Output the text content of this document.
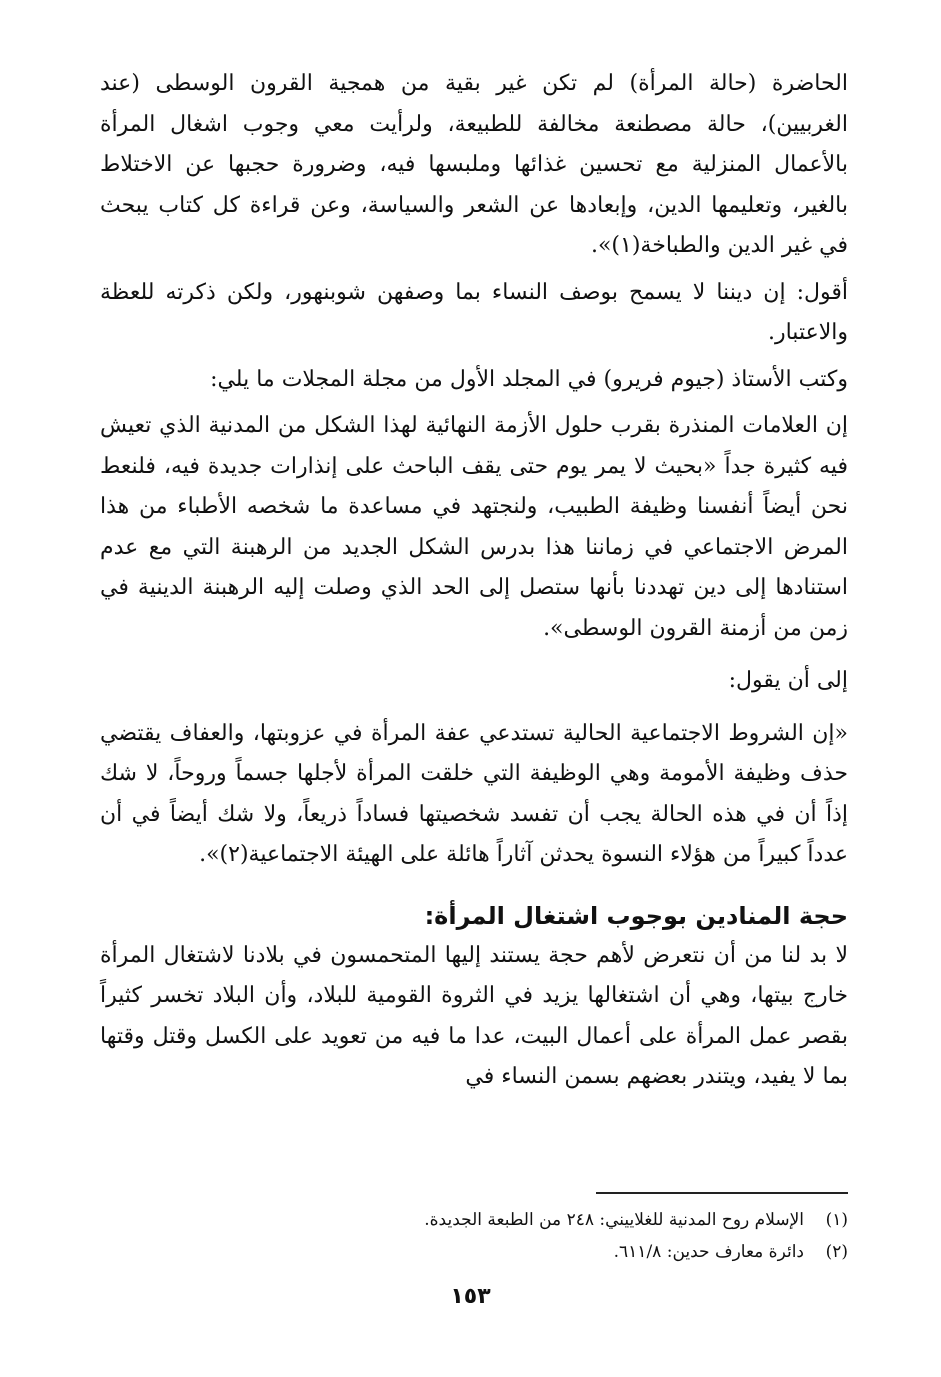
الحاضرة (حالة المرأة) لم تكن غير بقية من همجية القرون الوسطى (عند الغربيين)، حالة مصطنعة مخالفة للطبيعة، ولرأيت معي وجوب اشغال المرأة بالأعمال المنزلية مع تحسين غذائها وملبسها فيه، وضرورة حجبها عن الاختلاط بالغير، وتعليمها الدين، وإبعادها عن الشعر والسياسة، وعن قراءة كل كتاب يبحث في غير الدين والطباخة(١)».

أقول: إن ديننا لا يسمح بوصف النساء بما وصفهن شوبنهور، ولكن ذكرته للعظة والاعتبار.

وكتب الأستاذ (جيوم فريرو) في المجلد الأول من مجلة المجلات ما يلي:

إن العلامات المنذرة بقرب حلول الأزمة النهائية لهذا الشكل من المدنية الذي تعيش فيه كثيرة جداً «بحيث لا يمر يوم حتى يقف الباحث على إنذارات جديدة فيه، فلنعط نحن أيضاً أنفسنا وظيفة الطبيب، ولنجتهد في مساعدة ما شخصه الأطباء من هذا المرض الاجتماعي في زماننا هذا بدرس الشكل الجديد من الرهبنة التي مع عدم استنادها إلى دين تهددنا بأنها ستصل إلى الحد الذي وصلت إليه الرهبنة الدينية في زمن من أزمنة القرون الوسطى».

إلى أن يقول:

«إن الشروط الاجتماعية الحالية تستدعي عفة المرأة في عزوبتها، والعفاف يقتضي حذف وظيفة الأمومة وهي الوظيفة التي خلقت المرأة لأجلها جسماً وروحاً، لا شك إذاً أن في هذه الحالة يجب أن تفسد شخصيتها فساداً ذريعاً، ولا شك أيضاً في أن عدداً كبيراً من هؤلاء النسوة يحدثن آثاراً هائلة على الهيئة الاجتماعية(٢)».

حجة المنادين بوجوب اشتغال المرأة:

لا بد لنا من أن نتعرض لأهم حجة يستند إليها المتحمسون في بلادنا لاشتغال المرأة خارج بيتها، وهي أن اشتغالها يزيد في الثروة القومية للبلاد، وأن البلاد تخسر كثيراً بقصر عمل المرأة على أعمال البيت، عدا ما فيه من تعويد على الكسل وقتل وقتها بما لا يفيد، ويتندر بعضهم بسمن النساء في

(١)الإسلام روح المدنية للغلاييني: ٢٤٨ من الطبعة الجديدة.
(٢)دائرة معارف حدين: ٦١١/٨.
١٥٣
